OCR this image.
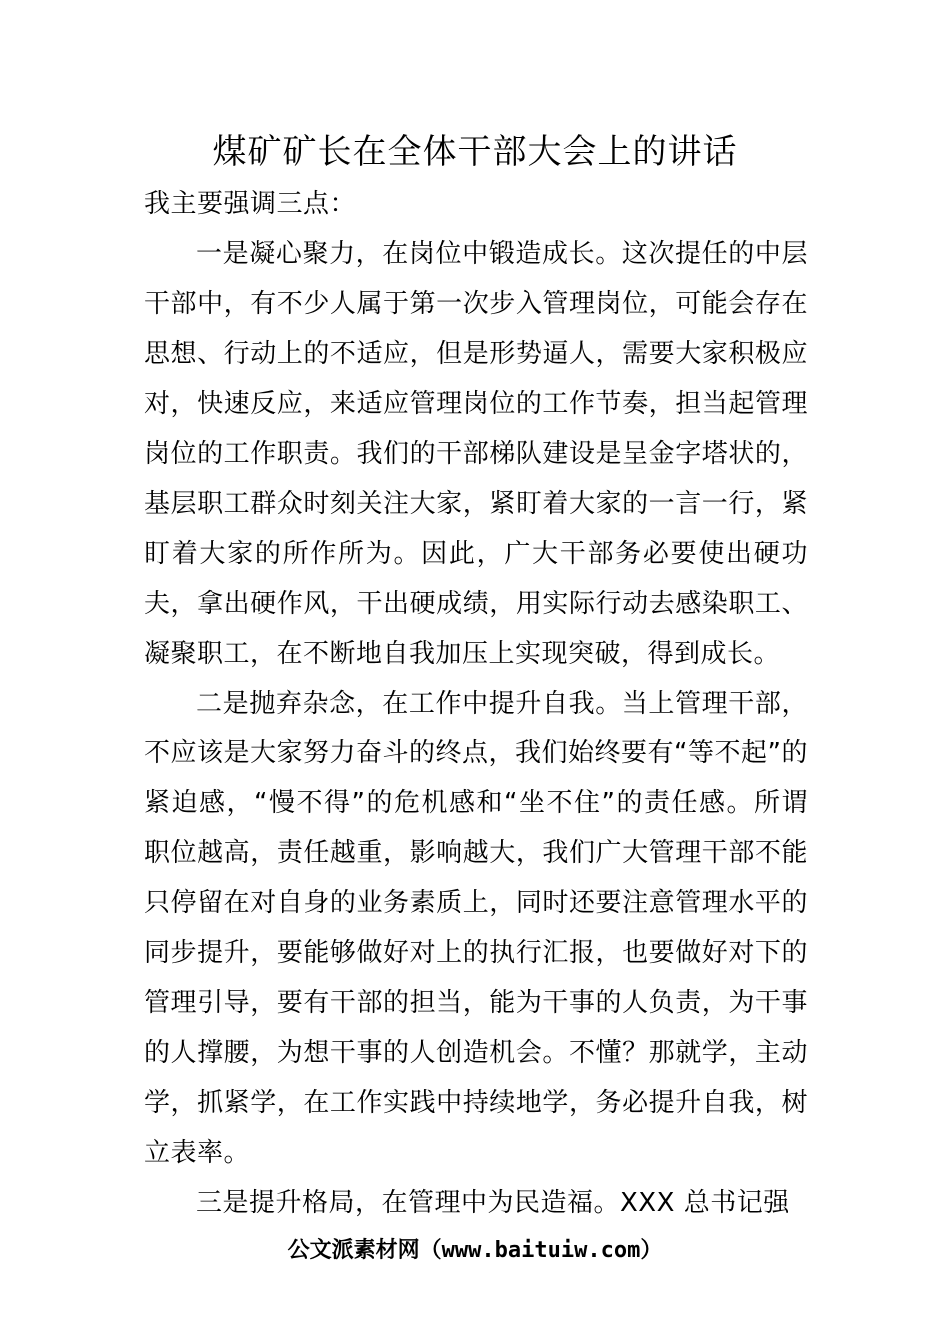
煤矿矿长在全体干部大会上的讲话

我主要强调三点：

一是凝心聚力，在岗位中锻造成长。这次提任的中层干部中，有不少人属于第一次步入管理岗位，可能会存在思想、行动上的不适应，但是形势逼人，需要大家积极应对，快速反应，来适应管理岗位的工作节奏，担当起管理岗位的工作职责。我们的干部梯队建设是呈金字塔状的，基层职工群众时刻关注大家，紧盯着大家的一言一行，紧盯着大家的所作所为。因此，广大干部务必要使出硬功夫，拿出硬作风，干出硬成绩，用实际行动去感染职工、凝聚职工，在不断地自我加压上实现突破，得到成长。

二是抛弃杂念，在工作中提升自我。当上管理干部，不应该是大家努力奋斗的终点，我们始终要有“等不起”的紧迫感，“慢不得”的危机感和“坐不住”的责任感。所谓职位越高，责任越重，影响越大，我们广大管理干部不能只停留在对自身的业务素质上，同时还要注意管理水平的同步提升，要能够做好对上的执行汇报，也要做好对下的管理引导，要有干部的担当，能为干事的人负责，为干事的人撑腰，为想干事的人创造机会。不懂？那就学，主动学，抓紧学，在工作实践中持续地学，务必提升自我，树立表率。

三是提升格局，在管理中为民造福。XXX 总书记强

公文派素材网（www.baituiw.com）
